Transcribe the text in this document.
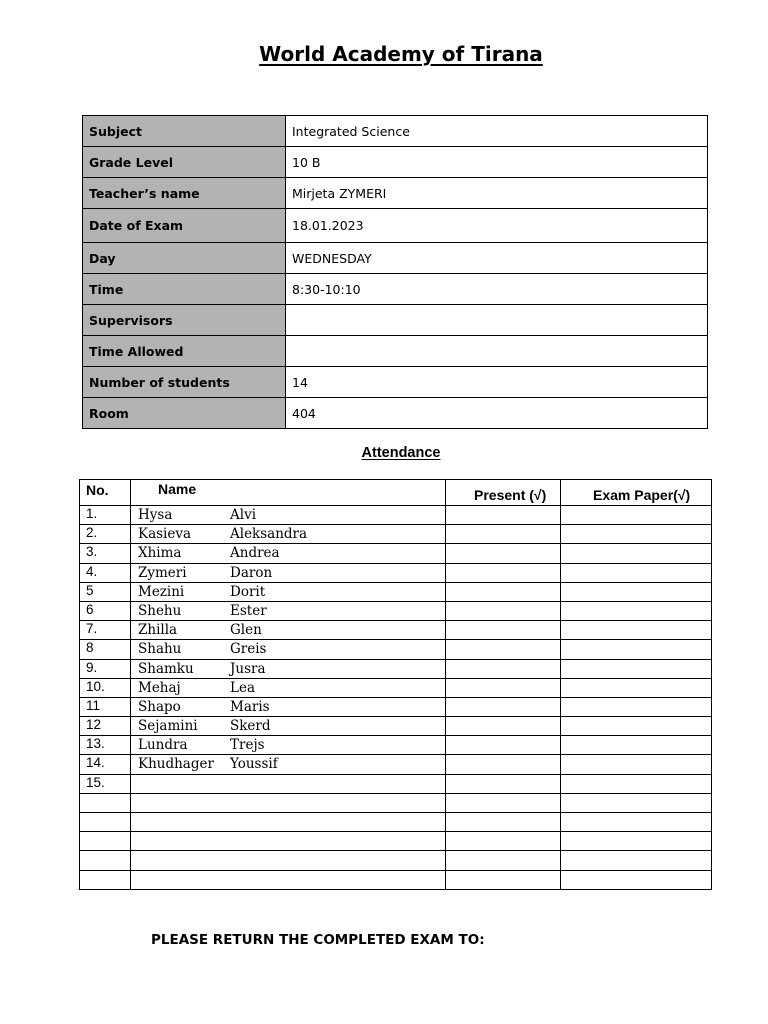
World Academy of Tirana
Subject	Integrated Science
Grade Level	10 B
Teacher’s name	Mirjeta ZYMERI
Date of Exam	18.01.2023
Day	WEDNESDAY
Time	8:30-10:10
Supervisors	
Time Allowed	
Number of students	14
Room	404
Attendance
No.	Name	Present (√)	Exam Paper(√)

1.	Hysa Alvi		
2.	Kasieva Aleksandra		
3.	Xhima Andrea		
4.	Zymeri Daron		
5	Mezini Dorit		
6	Shehu Ester		
7.	Zhilla Glen		
8	Shahu Greis		
9.	Shamku Jusra		
10.	Mehaj Lea		
11	Shapo Maris		
12	Sejamini Skerd		
13.	Lundra Trejs		
14.	Khudhager Youssif		
15.			

PLEASE RETURN THE COMPLETED EXAM TO:
